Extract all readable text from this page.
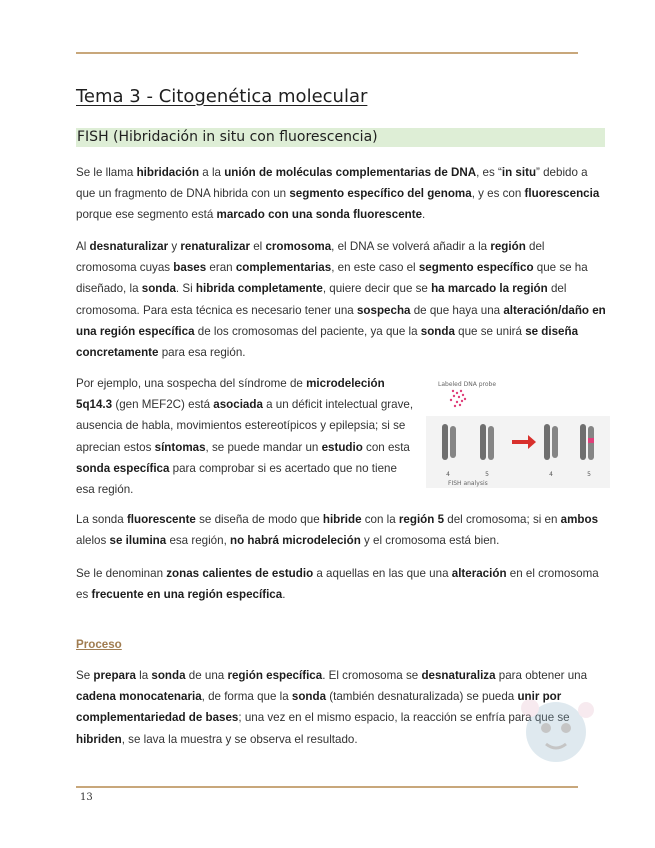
Tema 3 - Citogenética molecular
FISH (Hibridación in situ con fluorescencia)

Se le llama hibridación a la unión de moléculas complementarias de DNA, es “in situ” debido a que un fragmento de DNA hibrida con un segmento específico del genoma, y es con fluorescencia porque ese segmento está marcado con una sonda fluorescente.

Al desnaturalizar y renaturalizar el cromosoma, el DNA se volverá añadir a la región del cromosoma cuyas bases eran complementarias, en este caso el segmento específico que se ha diseñado, la sonda. Si hibrida completamente, quiere decir que se ha marcado la región del cromosoma. Para esta técnica es necesario tener una sospecha de que haya una alteración/daño en una región específica de los cromosomas del paciente, ya que la sonda que se unirá se diseña concretamente para esa región.

Por ejemplo, una sospecha del síndrome de microdeleción 5q14.3 (gen MEF2C) está asociada a un déficit intelectual grave, ausencia de habla, movimientos estereotípicos y epilepsia; si se aprecian estos síntomas, se puede mandar un estudio con esta sonda específica para comprobar si es acertado que no tiene esa región.

Labeled DNA probe
4	5	4	5
FISH analysis

La sonda fluorescente se diseña de modo que hibride con la región 5 del cromosoma; si en ambos alelos se ilumina esa región, no habrá microdeleción y el cromosoma está bien.

Se le denominan zonas calientes de estudio a aquellas en las que una alteración en el cromosoma es frecuente en una región específica.

Proceso

Se prepara la sonda de una región específica. El cromosoma se desnaturaliza para obtener una cadena monocatenaria, de forma que la sonda (también desnaturalizada) se pueda unir por complementariedad de bases; una vez en el mismo espacio, la reacción se enfría para que se hibriden, se lava la muestra y se observa el resultado.

13
